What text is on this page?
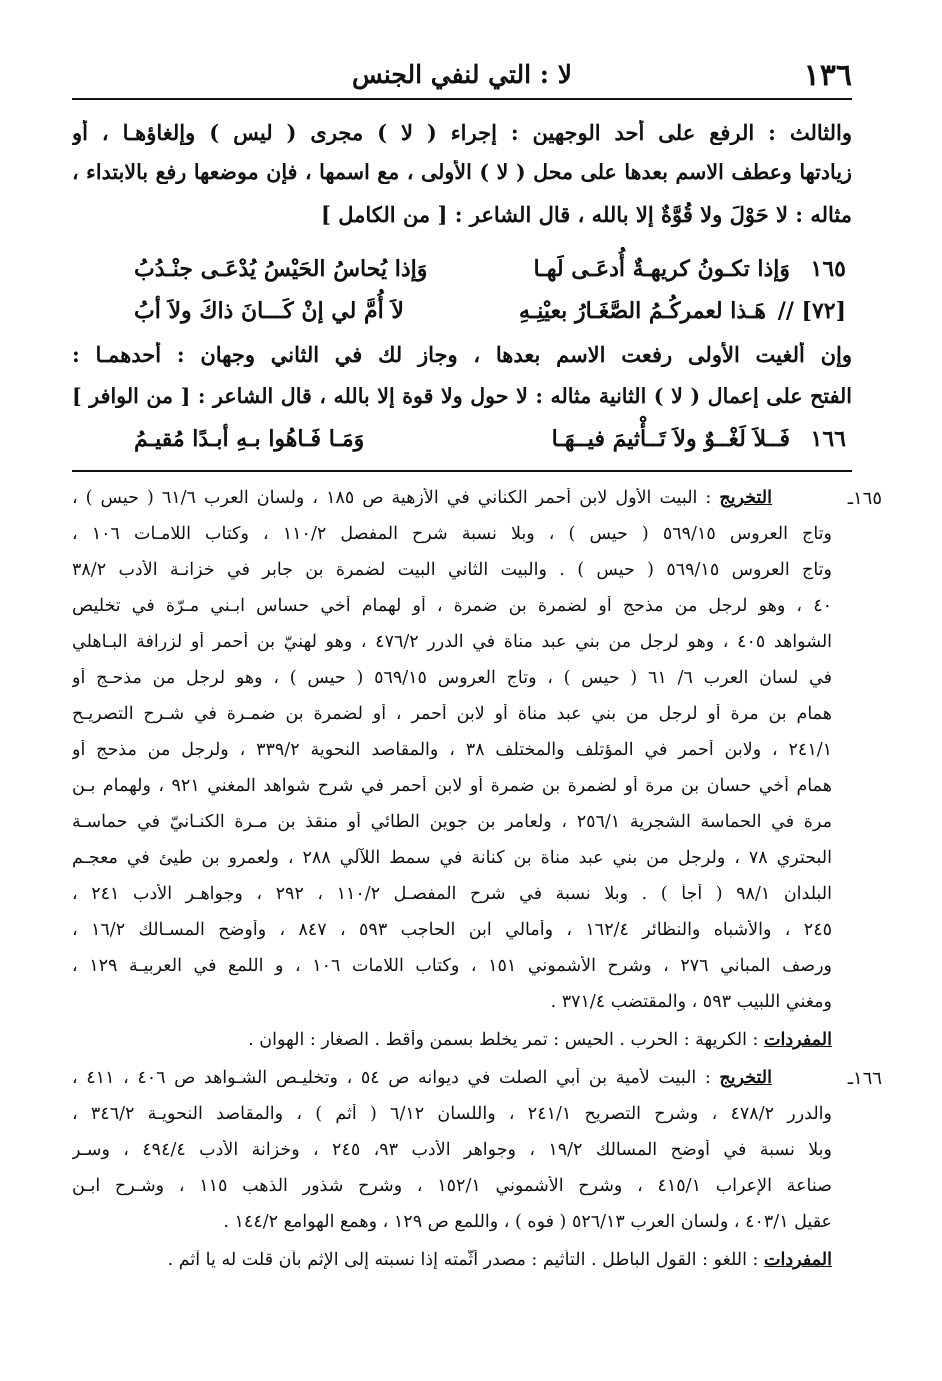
١٣٦
لا : التي لنفي الجنس
والثالث : الرفع على أحد الوجهين : إجراء ( لا ) مجرى ( ليس ) وإلغاؤهـا ، أو
زيادتها وعطف الاسم بعدها على محل ( لا ) الأولى ، مع اسمها ، فإن موضعها رفع بالابتداء ،
مثاله : لا حَوْلَ ولا قُوَّةٌ إلا بالله ، قال الشاعر : [ من الكامل ]
١٦٥
وَإذا تكـونُ كريهـةٌ أُدعَـى لَهـا
وَإذا يُحاسُ الحَيْسُ يُدْعَـى جنْـدُبُ
[٧٢] //
هَـذا لعمركُـمُ الصَّغَـارُ بعيْنِـهِ
لاَ أُمَّ لي إنْ كَـــانَ ذاكَ ولاَ أبُ
وإن ألغيت الأولى رفعت الاسم بعدها ، وجاز لك في الثاني وجهان : أحدهمـا :
الفتح على إعمال ( لا ) الثانية مثاله : لا حول ولا قوة إلا بالله ، قال الشاعر : [ من الوافر ]
١٦٦
فَــلاَ لَغْــوٌ ولاَ تَــأْثيمَ فيــهَـا
وَمَـا فَـاهُوا بـهِ أبـدًا مُقيـمُ
١٦٥ـ
التخريج : البيت الأول لابن أحمر الكناني في الأزهية ص ١٨٥ ، ولسان العرب ٦١/٦ ( حيس ) ،
وتاج العروس ٥٦٩/١٥ ( حيس ) ، وبلا نسبة شرح المفصل ١١٠/٢ ، وكتاب اللامـات ١٠٦ ،
وتاج العروس ٥٦٩/١٥ ( حيس ) . والبيت الثاني البيت لضمرة بن جابر في خزانـة الأدب ٣٨/٢
٤٠ ، وهو لرجل من مذحج أو لضمرة بن ضمرة ، أو لهمام أخي حساس ابـني مـرّة في تخليص
الشواهد ٤٠٥ ، وهو لرجل من بني عبد مناة في الدرر ٤٧٦/٢ ، وهو لهنيّ بن أحمر أو لزرافة البـاهلي
في لسان العرب ٦/ ٦١ ( حيس ) ، وتاج العروس ٥٦٩/١٥ ( حيس ) ، وهو لرجل من مذحـج أو
همام بن مرة أو لرجل من بني عبد مناة أو لابن أحمر ، أو لضمرة بن ضمـرة في شـرح التصريـح
٢٤١/١ ، ولابن أحمر في المؤتلف والمختلف ٣٨ ، والمقاصد النحوية ٣٣٩/٢ ، ولرجل من مذحج أو
همام أخي حسان بن مرة أو لضمرة بن ضمرة أو لابن أحمر في شرح شواهد المغني ٩٢١ ، ولهمام بـن
مرة في الحماسة الشجرية ٢٥٦/١ ، ولعامر بن جوين الطائي أو منقذ بن مـرة الكنـانيّ في حماسـة
البحتري ٧٨ ، ولرجل من بني عبد مناة بن كنانة في سمط اللآلي ٢٨٨ ، ولعمرو بن طيئ في معجـم
البلدان ٩٨/١ ( أجأ ) . وبلا نسبة في شرح المفصـل ١١٠/٢ ، ٢٩٢ ، وجواهـر الأدب ٢٤١ ،
٢٤٥ ، والأشباه والنظائر ١٦٢/٤ ، وأمالي ابن الحاجب ٥٩٣ ، ٨٤٧ ، وأوضح المسـالك ١٦/٢ ،
ورصف المباني ٢٧٦ ، وشرح الأشموني ١٥١ ، وكتاب اللامات ١٠٦ ، و اللمع في العربيـة ١٢٩ ،
ومغني اللبيب ٥٩٣ ، والمقتضب ٣٧١/٤ .
المفردات : الكريهة : الحرب . الحيس : تمر يخلط بسمن وأقط . الصغار : الهوان .
١٦٦ـ
التخريج : البيت لأمية بن أبي الصلت في ديوانه ص ٥٤ ، وتخليـص الشـواهد ص ٤٠٦ ، ٤١١ ،
والدرر ٤٧٨/٢ ، وشرح التصريح ٢٤١/١ ، واللسان ٦/١٢ ( أثم ) ، والمقاصد النحويـة ٣٤٦/٢ ،
وبلا نسبة في أوضح المسالك ١٩/٢ ، وجواهر الأدب ٩٣، ٢٤٥ ، وخزانة الأدب ٤٩٤/٤ ، وسـر
صناعة الإعراب ٤١٥/١ ، وشرح الأشموني ١٥٢/١ ، وشرح شذور الذهب ١١٥ ، وشـرح ابـن
عقيل ٤٠٣/١ ، ولسان العرب ٥٢٦/١٣ ( فوه ) ، واللمع ص ١٢٩ ، وهمع الهوامع ١٤٤/٢ .
المفردات : اللغو : القول الباطل . التأثيم : مصدر أثّمته إذا نسبته إلى الإثم بأن قلت له يا آثم .
